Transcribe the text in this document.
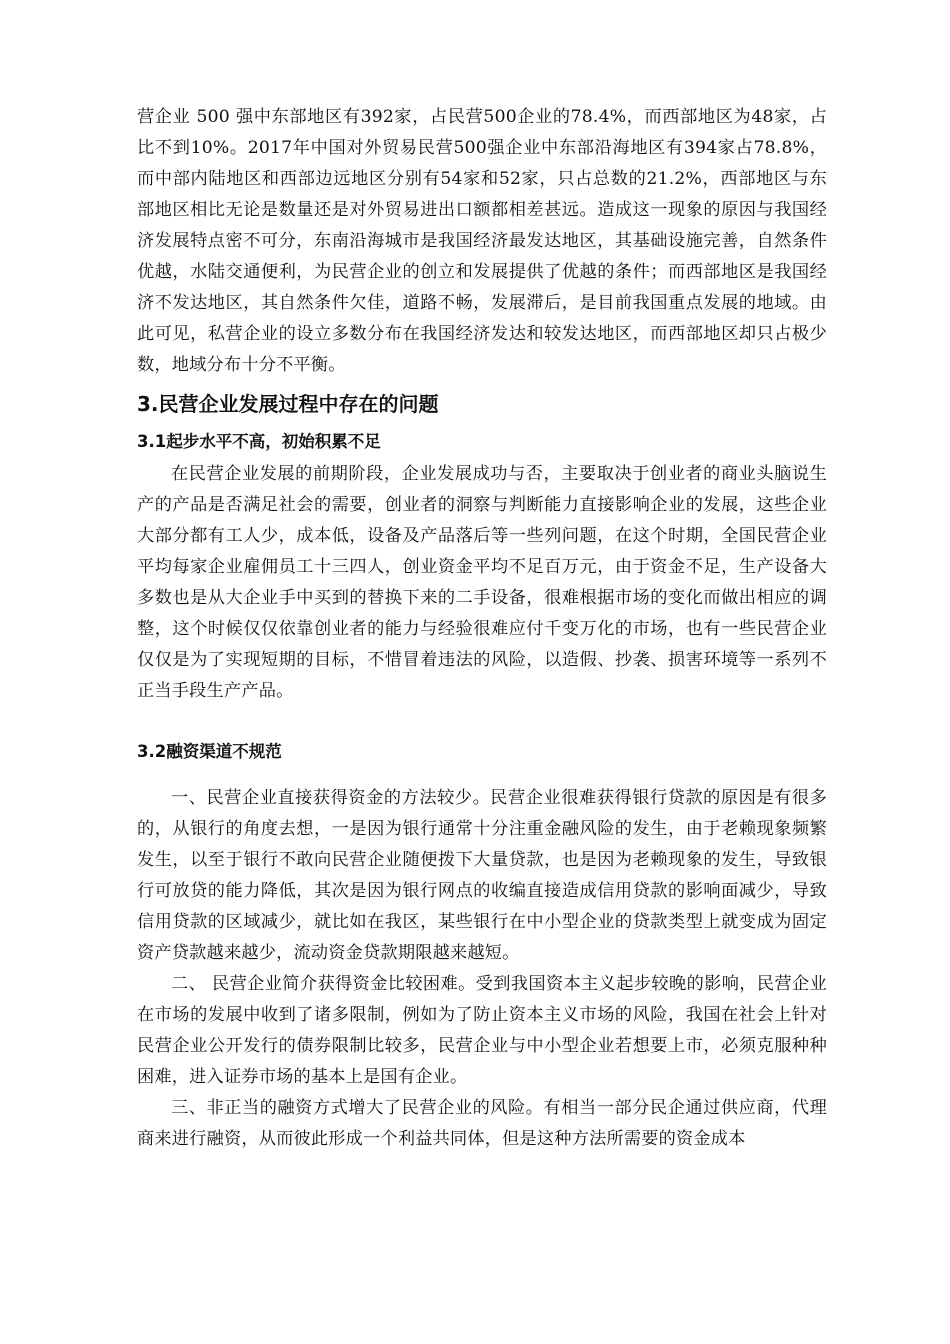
营企业 500 强中东部地区有392家，占民营500企业的78.4%，而西部地区为48家，占比不到10%。2017年中国对外贸易民营500强企业中东部沿海地区有394家占78.8%，而中部内陆地区和西部边远地区分别有54家和52家，只占总数的21.2%，西部地区与东部地区相比无论是数量还是对外贸易进出口额都相差甚远。造成这一现象的原因与我国经济发展特点密不可分，东南沿海城市是我国经济最发达地区，其基础设施完善，自然条件优越，水陆交通便利，为民营企业的创立和发展提供了优越的条件；而西部地区是我国经济不发达地区，其自然条件欠佳，道路不畅，发展滞后，是目前我国重点发展的地域。由此可见，私营企业的设立多数分布在我国经济发达和较发达地区，而西部地区却只占极少数，地域分布十分不平衡。

3.民营企业发展过程中存在的问题
3.1起步水平不高，初始积累不足

在民营企业发展的前期阶段，企业发展成功与否，主要取决于创业者的商业头脑说生产的产品是否满足社会的需要，创业者的洞察与判断能力直接影响企业的发展，这些企业大部分都有工人少，成本低，设备及产品落后等一些列问题，在这个时期，全国民营企业平均每家企业雇佣员工十三四人，创业资金平均不足百万元，由于资金不足，生产设备大多数也是从大企业手中买到的替换下来的二手设备，很难根据市场的变化而做出相应的调整，这个时候仅仅依靠创业者的能力与经验很难应付千变万化的市场，也有一些民营企业仅仅是为了实现短期的目标，不惜冒着违法的风险，以造假、抄袭、损害环境等一系列不正当手段生产产品。

3.2融资渠道不规范

一、民营企业直接获得资金的方法较少。民营企业很难获得银行贷款的原因是有很多的，从银行的角度去想，一是因为银行通常十分注重金融风险的发生，由于老赖现象频繁发生，以至于银行不敢向民营企业随便拨下大量贷款，也是因为老赖现象的发生，导致银行可放贷的能力降低，其次是因为银行网点的收编直接造成信用贷款的影响面减少，导致信用贷款的区域减少，就比如在我区，某些银行在中小型企业的贷款类型上就变成为固定资产贷款越来越少，流动资金贷款期限越来越短。

二、 民营企业简介获得资金比较困难。受到我国资本主义起步较晚的影响，民营企业在市场的发展中收到了诸多限制，例如为了防止资本主义市场的风险，我国在社会上针对民营企业公开发行的债券限制比较多，民营企业与中小型企业若想要上市，必须克服种种困难，进入证券市场的基本上是国有企业。

三、非正当的融资方式增大了民营企业的风险。有相当一部分民企通过供应商，代理商来进行融资，从而彼此形成一个利益共同体，但是这种方法所需要的资金成本
